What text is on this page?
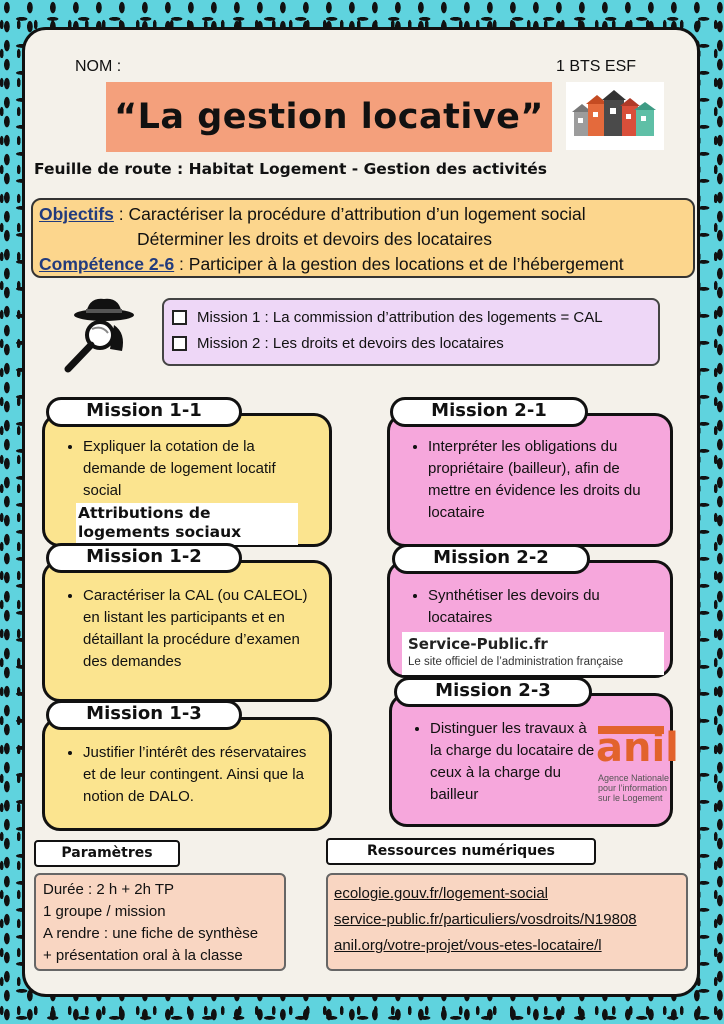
NOM :	1 BTS ESF
“La gestion locative”
Feuille de route : Habitat Logement - Gestion des activités
Objectifs : Caractériser la procédure d’attribution d’un logement social
Déterminer les droits et devoirs des locataires
Compétence 2-6 : Participer à la gestion des locations et de l’hébergement
Mission 1 : La commission d’attribution des logements = CAL
Mission 2 : Les droits et devoirs des locataires
• Expliquer la cotation de la demande de logement locatif social
Attributions de logements sociaux
Mission 1-1
• Caractériser la CAL (ou CALEOL) en listant les participants et en détaillant la procédure d’examen des demandes
Mission 1-2
• Justifier l’intérêt des réservataires et de leur contingent. Ainsi que la notion de DALO.
Mission 1-3
• Interpréter les obligations du propriétaire (bailleur), afin de mettre en évidence les droits du locataire
Mission 2-1
• Synthétiser les devoirs du locataires
Service-Public.fr
Le site officiel de l’administration française
Mission 2-2
• Distinguer les travaux à la charge du locataire de ceux à la charge du bailleur
anil
Agence Nationale
pour l’information
sur le Logement
Mission 2-3
Paramètres
Durée : 2 h + 2h TP
1 groupe / mission
A rendre : une fiche de synthèse
+ présentation oral à la classe
Ressources numériques
ecologie.gouv.fr/logement-social
service-public.fr/particuliers/vosdroits/N19808
anil.org/votre-projet/vous-etes-locataire/l
